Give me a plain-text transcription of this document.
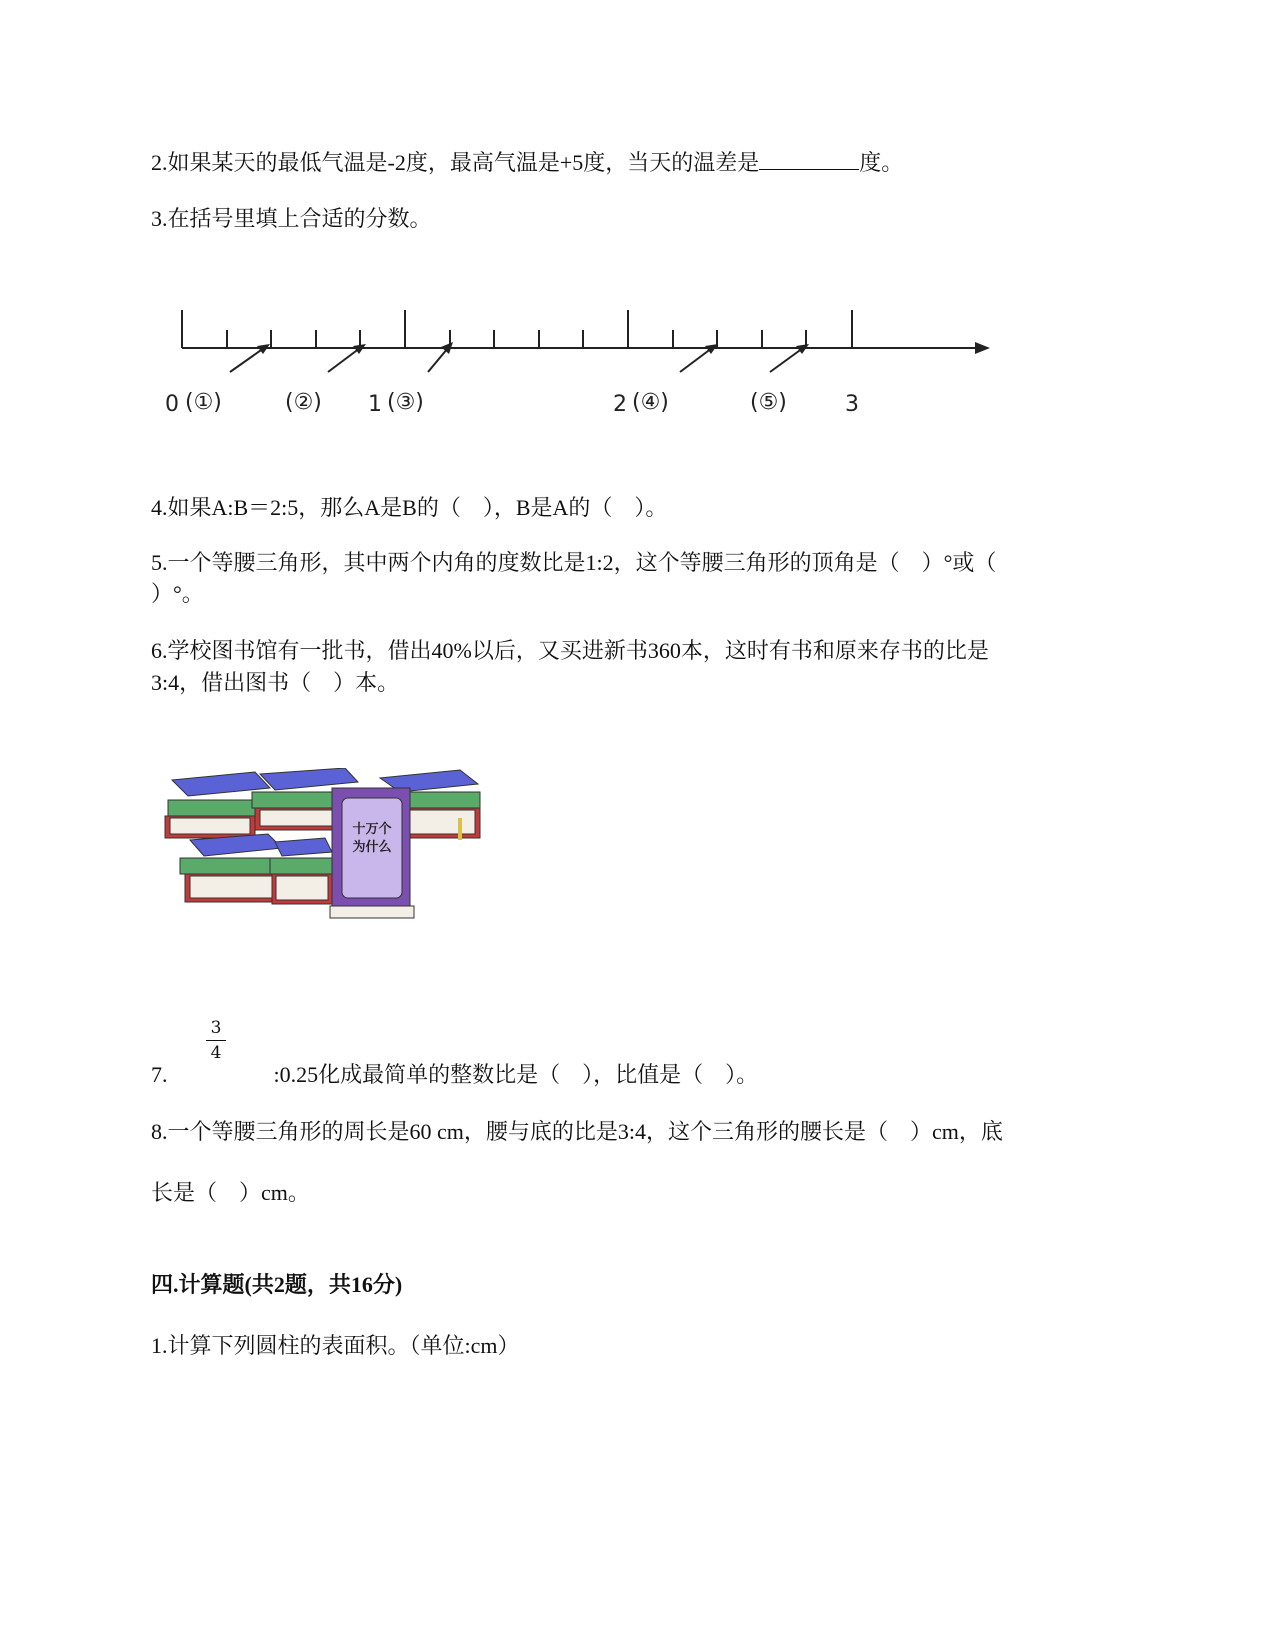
2.如果某天的最低气温是-2度，最高气温是+5度，当天的温差是	度。
3.在括号里填上合适的分数。
0 (①)	(②) 1 (③)	2 (④)	(⑤)	3
4.如果A:B＝2:5，那么A是B的（　），B是A的（　）。
5.一个等腰三角形，其中两个内角的度数比是1:2，这个等腰三角形的顶角是（　）°或（
）°。
6.学校图书馆有一批书，借出40%以后，又买进新书360本，这时有书和原来存书的比是
3:4，借出图书（　）本。
十万个
为什么
3
4
7.	:0.25化成最简单的整数比是（　），比值是（　）。
8.一个等腰三角形的周长是60 cm，腰与底的比是3:4，这个三角形的腰长是（　）cm，底
长是（　）cm。
四.计算题(共2题，共16分)
1.计算下列圆柱的表面积。（单位:cm）
